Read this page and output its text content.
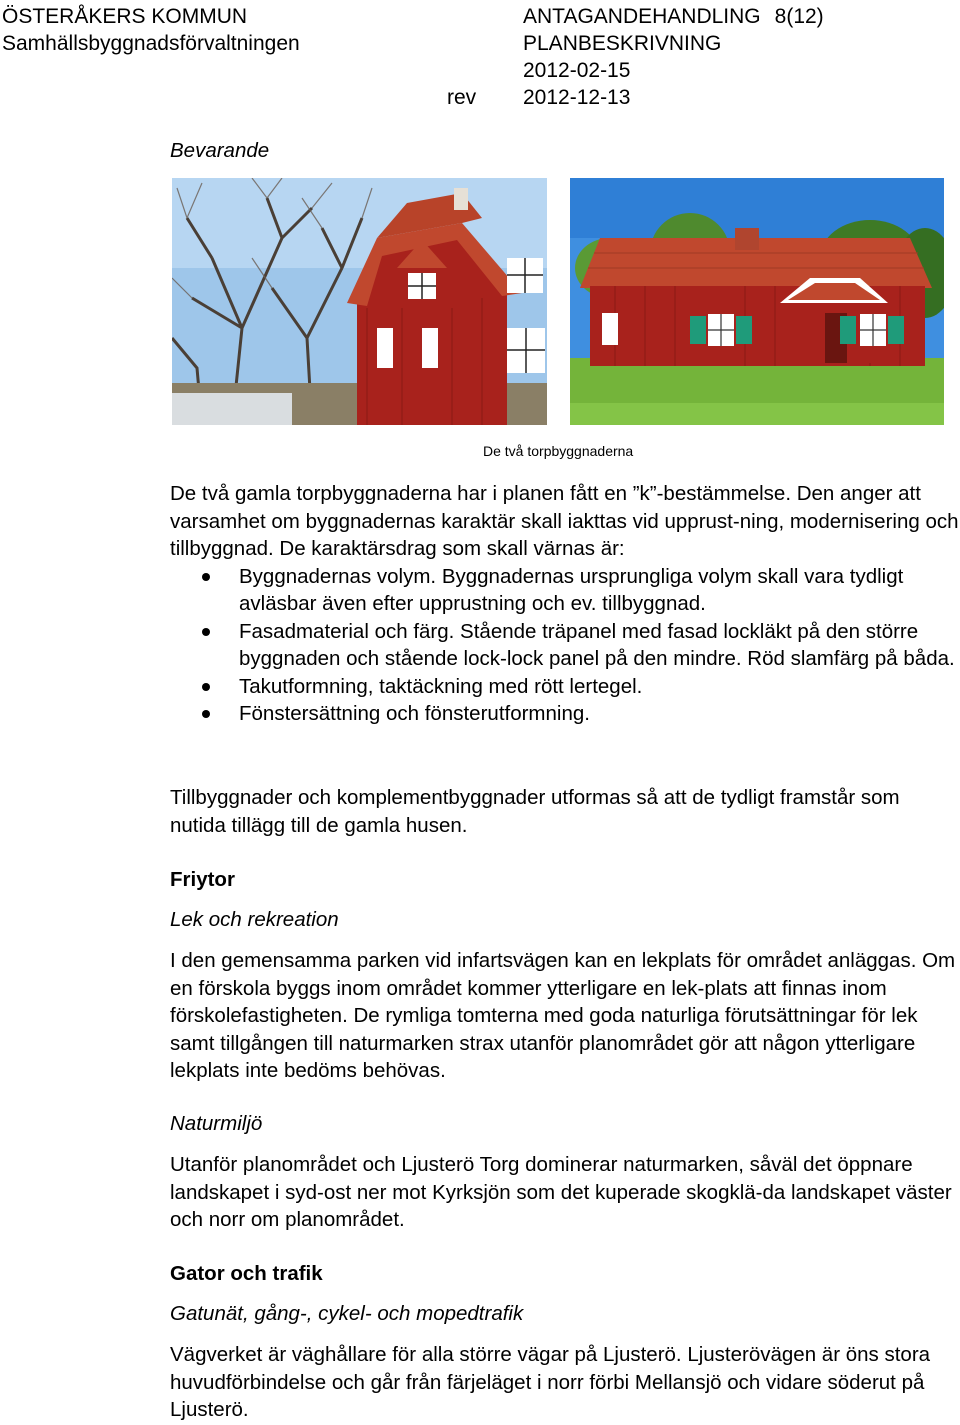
ÖSTERÅKERS KOMMUN
Samhällsbyggnadsförvaltningen
ANTAGANDEHANDLING 8(12)
PLANBESKRIVNING
2012-02-15
rev 2012-12-13
Bevarande
De två torpbyggnaderna

De två gamla torpbyggnaderna har i planen fått en ”k”-bestämmelse. Den anger att varsamhet om byggnadernas karaktär skall iakttas vid upprust-ning, modernisering och tillbyggnad. De karaktärsdrag som skall värnas är:

Byggnadernas volym. Byggnadernas ursprungliga volym skall vara tydligt avläsbar även efter upprustning och ev. tillbyggnad.
Fasadmaterial och färg. Stående träpanel med fasad lockläkt på den större byggnaden och stående lock-lock panel på den mindre. Röd slamfärg på båda.
Takutformning, taktäckning med rött lertegel.
Fönstersättning och fönsterutformning.
Tillbyggnader och komplementbyggnader utformas så att de tydligt framstår som nutida tillägg till de gamla husen.
Friytor
Lek och rekreation
I den gemensamma parken vid infartsvägen kan en lekplats för området anläggas. Om en förskola byggs inom området kommer ytterligare en lek-plats att finnas inom förskolefastigheten. De rymliga tomterna med goda naturliga förutsättningar för lek samt tillgången till naturmarken strax utanför planområdet gör att någon ytterligare lekplats inte bedöms behövas.
Naturmiljö
Utanför planområdet och Ljusterö Torg dominerar naturmarken, såväl det öppnare landskapet i syd-ost ner mot Kyrksjön som det kuperade skogklä-da landskapet väster och norr om planområdet.
Gator och trafik
Gatunät, gång-, cykel- och mopedtrafik
Vägverket är väghållare för alla större vägar på Ljusterö. Ljusterövägen är öns stora huvudförbindelse och går från färjeläget i norr förbi Mellansjö och vidare söderut på Ljusterö.
